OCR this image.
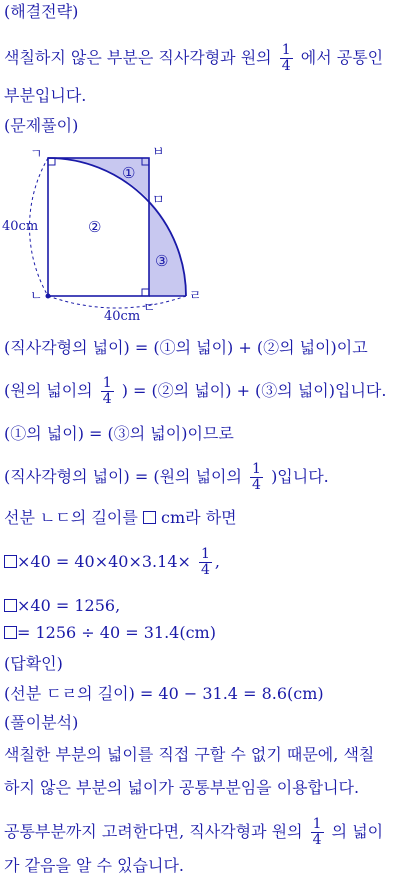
(해결전략)
색칠하지 않은 부분은 직사각형과 원의 $\frac{1}{4}$ 에서 공통인
부분입니다.
(문제풀이)
ㄱ	ㅂ
ㅁ
ㄴ
ㄷ
ㄹ
①
②
③
40cm
40cm
(직사각형의 넓이) = (①의 넓이) + (②의 넓이)이고
(원의 넓이의 $\frac{1}{4}$ ) = (②의 넓이) + (③의 넓이)입니다.
(①의 넓이) = (③의 넓이)이므로
(직사각형의 넓이) = (원의 넓이의 $\frac{1}{4}$ )입니다.
선분 ㄴㄷ의 길이를 cm라 하면
$\times 40 = 40\times 40\times 3.14\times \frac{1}{4}$ ,
×40 = 1256,
= 1256 ÷ 40 = 31.4(cm)
(답확인)
(선분 ㄷㄹ의 길이) = 40 − 31.4 = 8.6(cm)
(풀이분석)
색칠한 부분의 넓이를 직접 구할 수 없기 때문에, 색칠
하지 않은 부분의 넓이가 공통부분임을 이용합니다.
공통부분까지 고려한다면, 직사각형과 원의 $\frac{1}{4}$ 의 넓이
가 같음을 알 수 있습니다.
